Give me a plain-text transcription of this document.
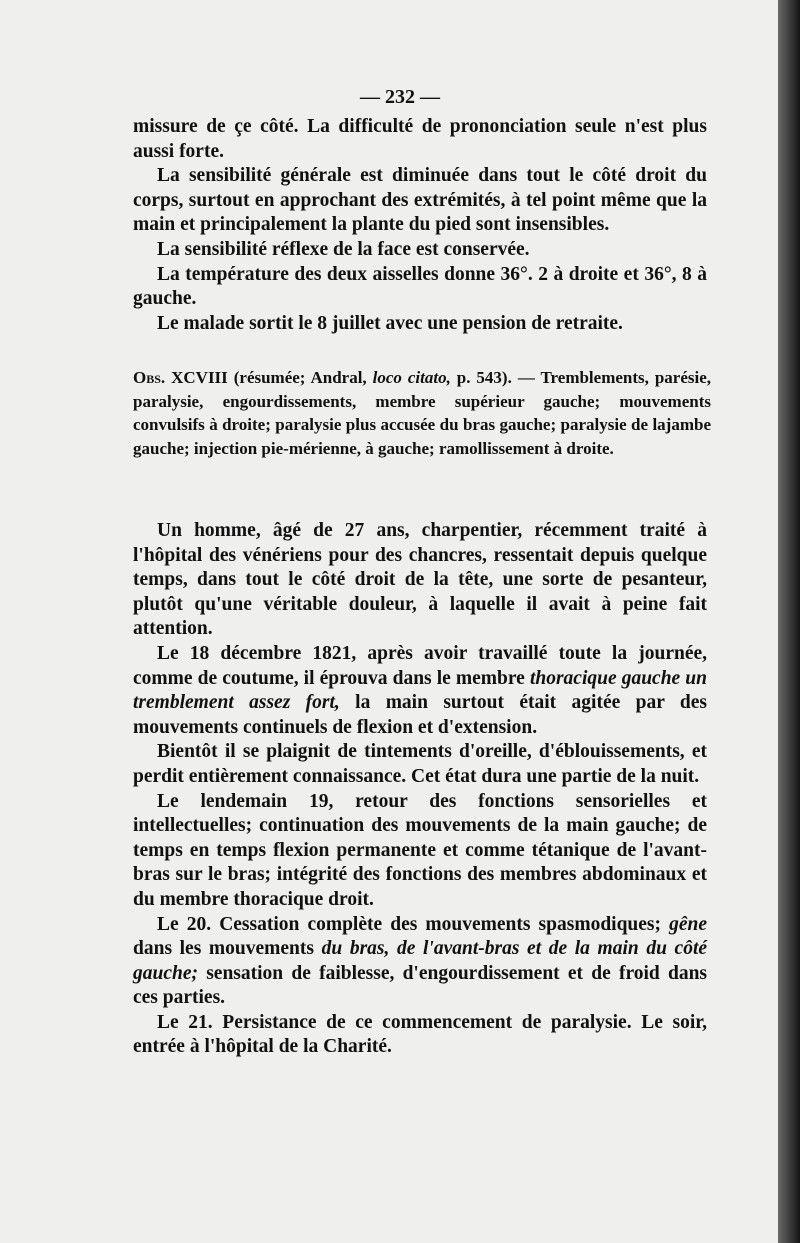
— 232 —

missure de çe côté. La difficulté de prononciation seule n'est plus aussi forte.

La sensibilité générale est diminuée dans tout le côté droit du corps, surtout en approchant des extrémités, à tel point même que la main et principalement la plante du pied sont insensibles.

La sensibilité réflexe de la face est conservée.

La température des deux aisselles donne 36°. 2 à droite et 36°, 8 à gauche.

Le malade sortit le 8 juillet avec une pension de retraite.

Obs. XCVIII (résumée; Andral, loco citato, p. 543). — Tremblements, parésie, paralysie, engourdissements, membre supérieur gauche; mouvements convulsifs à droite; paralysie plus accusée du bras gauche; paralysie de lajambe gauche; injection pie-mérienne, à gauche; ramollissement à droite.

Un homme, âgé de 27 ans, charpentier, récemment traité à l'hôpital des vénériens pour des chancres, ressentait depuis quelque temps, dans tout le côté droit de la tête, une sorte de pesanteur, plutôt qu'une véritable douleur, à laquelle il avait à peine fait attention.

Le 18 décembre 1821, après avoir travaillé toute la journée, comme de coutume, il éprouva dans le membre thoracique gauche un tremblement assez fort, la main surtout était agitée par des mouvements continuels de flexion et d'extension.

Bientôt il se plaignit de tintements d'oreille, d'éblouissements, et perdit entièrement connaissance. Cet état dura une partie de la nuit.

Le lendemain 19, retour des fonctions sensorielles et intellectuelles; continuation des mouvements de la main gauche; de temps en temps flexion permanente et comme tétanique de l'avant-bras sur le bras; intégrité des fonctions des membres abdominaux et du membre thoracique droit.

Le 20. Cessation complète des mouvements spasmodiques; gêne dans les mouvements du bras, de l'avant-bras et de la main du côté gauche; sensation de faiblesse, d'engourdissement et de froid dans ces parties.

Le 21. Persistance de ce commencement de paralysie. Le soir, entrée à l'hôpital de la Charité.
